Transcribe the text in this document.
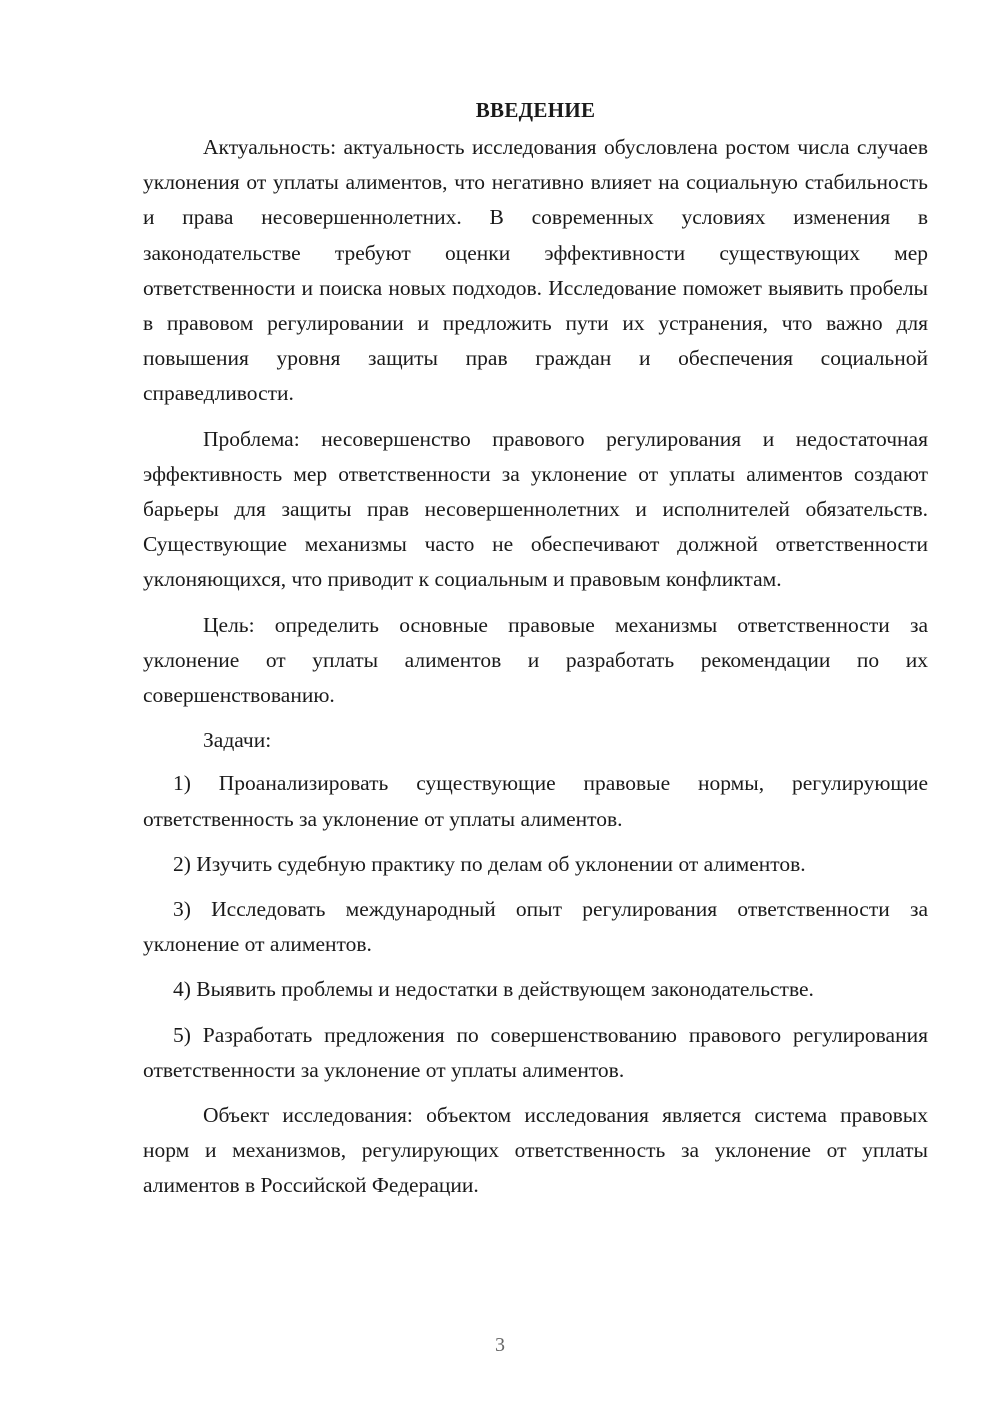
ВВЕДЕНИЕ

Актуальность: актуальность исследования обусловлена ростом числа случаев уклонения от уплаты алиментов, что негативно влияет на социальную стабильность и права несовершеннолетних. В современных условиях изменения в законодательстве требуют оценки эффективности существующих мер ответственности и поиска новых подходов. Исследование поможет выявить пробелы в правовом регулировании и предложить пути их устранения, что важно для повышения уровня защиты прав граждан и обеспечения социальной справедливости.

Проблема: несовершенство правового регулирования и недостаточная эффективность мер ответственности за уклонение от уплаты алиментов создают барьеры для защиты прав несовершеннолетних и исполнителей обязательств. Существующие механизмы часто не обеспечивают должной ответственности уклоняющихся, что приводит к социальным и правовым конфликтам.

Цель: определить основные правовые механизмы ответственности за уклонение от уплаты алиментов и разработать рекомендации по их совершенствованию.

Задачи:

1) Проанализировать существующие правовые нормы, регулирующие ответственность за уклонение от уплаты алиментов.

2) Изучить судебную практику по делам об уклонении от алиментов.

3) Исследовать международный опыт регулирования ответственности за уклонение от алиментов.

4) Выявить проблемы и недостатки в действующем законодательстве.

5) Разработать предложения по совершенствованию правового регулирования ответственности за уклонение от уплаты алиментов.

Объект исследования: объектом исследования является система правовых норм и механизмов, регулирующих ответственность за уклонение от уплаты алиментов в Российской Федерации.

3
